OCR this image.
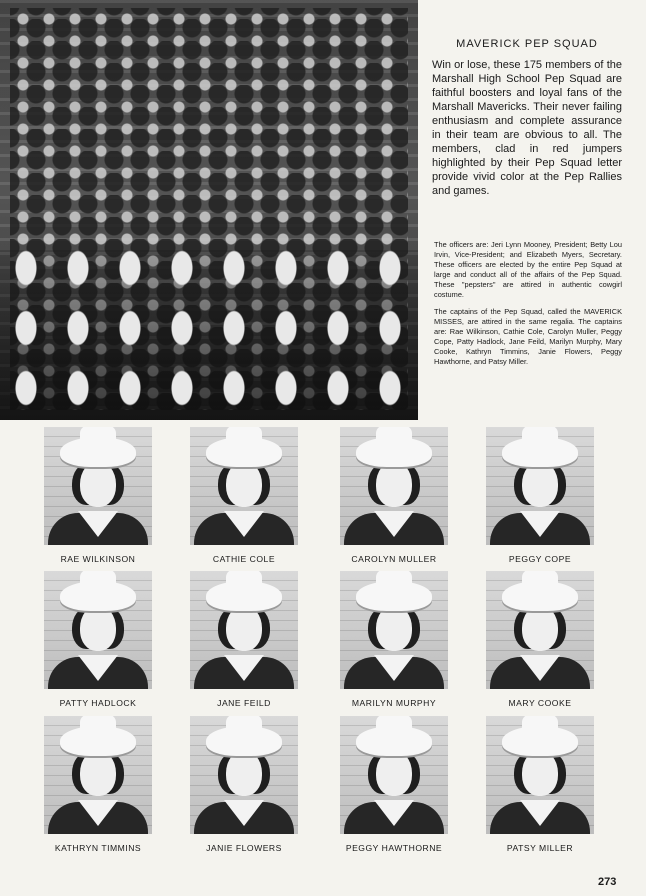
MAVERICK PEP SQUAD

Win or lose, these 175 members of the Marshall High School Pep Squad are faithful boosters and loyal fans of the Marshall Mavericks. Their never failing enthusiasm and complete assurance in their team are obvious to all. The members, clad in red jumpers highlighted by their Pep Squad letter provide vivid color at the Pep Rallies and games.

The officers are: Jeri Lynn Mooney, President; Betty Lou Irvin, Vice-President; and Elizabeth Myers, Secretary. These officers are elected by the entire Pep Squad at large and conduct all of the affairs of the Pep Squad. These "pepsters" are attired in authentic cowgirl costume.

The captains of the Pep Squad, called the MAVERICK MISSES, are attired in the same regalia. The captains are: Rae Wilkinson, Cathie Cole, Carolyn Muller, Peggy Cope, Patty Hadlock, Jane Feild, Marilyn Murphy, Mary Cooke, Kathryn Timmins, Janie Flowers, Peggy Hawthorne, and Patsy Miller.

RAE WILKINSON	CATHIE COLE	CAROLYN MULLER	PEGGY COPE
PATTY HADLOCK	JANE FEILD	MARILYN MURPHY	MARY COOKE
KATHRYN TIMMINS	JANIE FLOWERS	PEGGY HAWTHORNE	PATSY MILLER
273
